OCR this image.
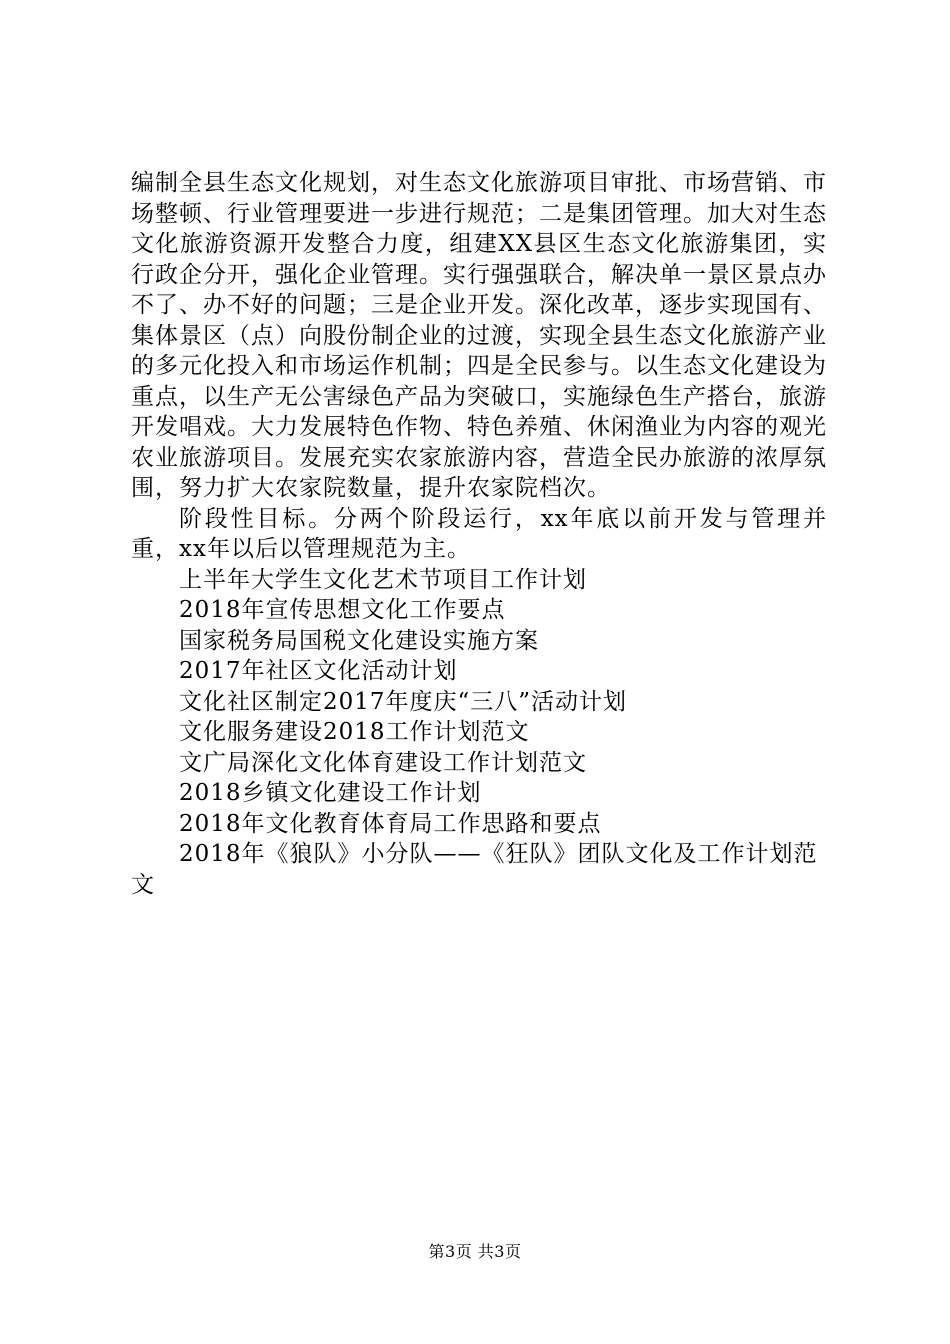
编制全县生态文化规划，对生态文化旅游项目审批、市场营销、市场整顿、行业管理要进一步进行规范；二是集团管理。加大对生态文化旅游资源开发整合力度，组建XX县区生态文化旅游集团，实行政企分开，强化企业管理。实行强强联合，解决单一景区景点办不了、办不好的问题；三是企业开发。深化改革，逐步实现国有、集体景区（点）向股份制企业的过渡，实现全县生态文化旅游产业的多元化投入和市场运作机制；四是全民参与。以生态文化建设为重点，以生产无公害绿色产品为突破口，实施绿色生产搭台，旅游开发唱戏。大力发展特色作物、特色养殖、休闲渔业为内容的观光农业旅游项目。发展充实农家旅游内容，营造全民办旅游的浓厚氛围，努力扩大农家院数量，提升农家院档次。

阶段性目标。分两个阶段运行，xx年底以前开发与管理并重，xx年以后以管理规范为主。

上半年大学生文化艺术节项目工作计划

2018年宣传思想文化工作要点

国家税务局国税文化建设实施方案

2017年社区文化活动计划

文化社区制定2017年度庆“三八”活动计划

文化服务建设2018工作计划范文

文广局深化文化体育建设工作计划范文

2018乡镇文化建设工作计划

2018年文化教育体育局工作思路和要点

2018年《狼队》小分队——《狂队》团队文化及工作计划范文

第3页 共3页
